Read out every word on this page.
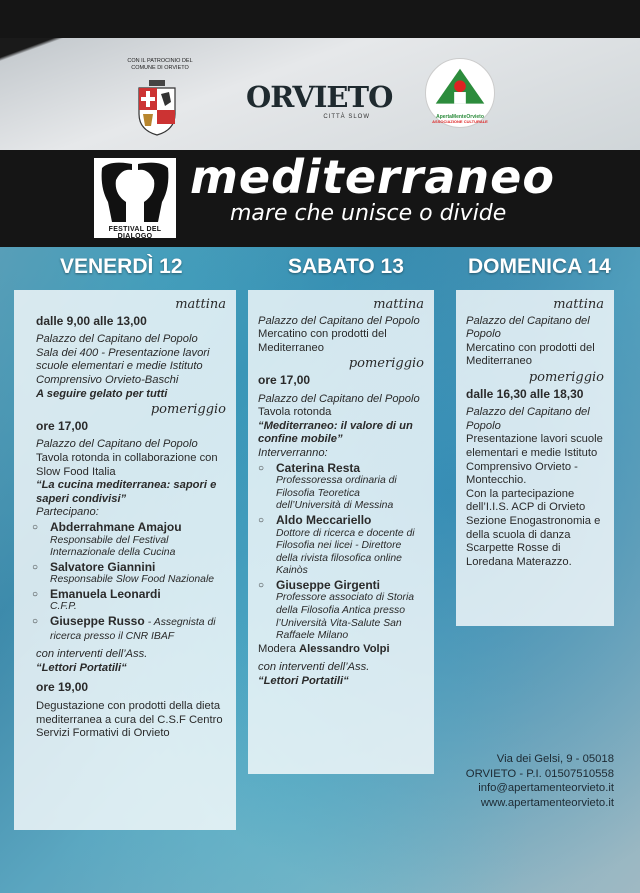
CON IL PATROCINIO DEL COMUNE DI ORVIETO
ORVIETO
CITTÀ SLOW	ApertaMenteOrvieto
ASSOCIAZIONE CULTURALE
FESTIVAL DEL DIALOGO
mediterraneo
mare che unisce o divide
VENERDÌ 12	SABATO 13	DOMENICA 14
mattina
dalle 9,00 alle 13,00
Palazzo del Capitano del Popolo
Sala dei 400 - Presentazione lavori scuole elementari e medie Istituto Comprensivo Orvieto-Baschi
A seguire gelato per tutti
pomeriggio
ore 17,00
Palazzo del Capitano del Popolo
Tavola rotonda in collaborazione con Slow Food Italia
“La cucina mediterranea: sapori e saperi condivisi”
Partecipano:
○ Abderrahmane Amajou
Responsabile del Festival Internazionale della Cucina
○ Salvatore Giannini
Responsabile Slow Food Nazionale
○ Emanuela Leonardi
C.F.P.
○ Giuseppe Russo - Assegnista di ricerca presso il CNR IBAF
con interventi dell’Ass.
“Lettori Portatili“
ore 19,00
Degustazione con prodotti della dieta mediterranea a cura del C.S.F Centro Servizi Formativi di Orvieto
mattina
Palazzo del Capitano del Popolo
Mercatino con prodotti del Mediterraneo
pomeriggio
ore 17,00
Palazzo del Capitano del Popolo
Tavola rotonda
“Mediterraneo: il valore di un confine mobile”
Interverranno:
○ Caterina Resta
Professoressa ordinaria di Filosofia Teoretica dell’Università di Messina
○ Aldo Meccariello
Dottore di ricerca e docente di Filosofia nei licei - Direttore della rivista filosofica online Kainòs
○ Giuseppe Girgenti
Professore associato di Storia della Filosofia Antica presso l’Università Vita-Salute San Raffaele Milano
Modera Alessandro Volpi
con interventi dell’Ass.
“Lettori Portatili“
mattina
Palazzo del Capitano del Popolo
Mercatino con prodotti del Mediterraneo
pomeriggio
dalle 16,30 alle 18,30
Palazzo del Capitano del Popolo
Presentazione lavori scuole elementari e medie Istituto Comprensivo Orvieto - Montecchio.
Con la partecipazione dell’I.I.S. ACP di Orvieto Sezione Enogastronomia e della scuola di danza Scarpette Rosse di Loredana Materazzo.
Via dei Gelsi, 9 - 05018
ORVIETO - P.I. 01507510558
info@apertamenteorvieto.it
www.apertamenteorvieto.it
